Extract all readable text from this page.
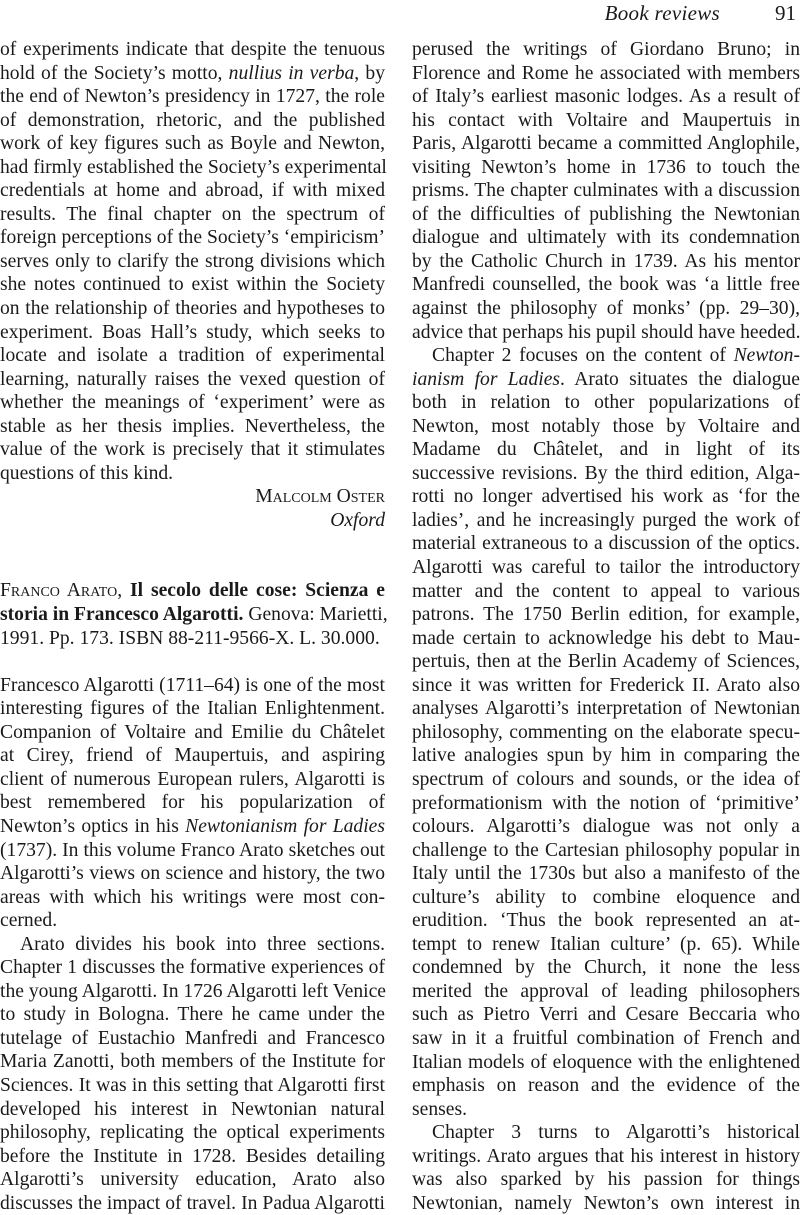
Book reviews	91
of experiments indicate that despite the tenuous
hold of the Society’s motto, nullius in verba, by
the end of Newton’s presidency in 1727, the role
of demonstration, rhetoric, and the published
work of key figures such as Boyle and Newton,
had firmly established the Society’s experimental
credentials at home and abroad, if with mixed
results. The final chapter on the spectrum of
foreign perceptions of the Society’s ‘empiricism’
serves only to clarify the strong divisions which
she notes continued to exist within the Society
on the relationship of theories and hypotheses to
experiment. Boas Hall’s study, which seeks to
locate and isolate a tradition of experimental
learning, naturally raises the vexed question of
whether the meanings of ‘experiment’ were as
stable as her thesis implies. Nevertheless, the
value of the work is precisely that it stimulates
questions of this kind.
Malcolm Oster
Oxford
Franco Arato, Il secolo delle cose: Scienza e
storia in Francesco Algarotti. Genova: Marietti,
1991. Pp. 173. ISBN 88-211-9566-X. L. 30.000.
Francesco Algarotti (1711–64) is one of the most
interesting figures of the Italian Enlightenment.
Companion of Voltaire and Emilie du Châtelet
at Cirey, friend of Maupertuis, and aspiring
client of numerous European rulers, Algarotti is
best remembered for his popularization of
Newton’s optics in his Newtonianism for Ladies
(1737). In this volume Franco Arato sketches out
Algarotti’s views on science and history, the two
areas with which his writings were most con-
cerned.
Arato divides his book into three sections.
Chapter 1 discusses the formative experiences of
the young Algarotti. In 1726 Algarotti left Venice
to study in Bologna. There he came under the
tutelage of Eustachio Manfredi and Francesco
Maria Zanotti, both members of the Institute for
Sciences. It was in this setting that Algarotti first
developed his interest in Newtonian natural
philosophy, replicating the optical experiments
before the Institute in 1728. Besides detailing
Algarotti’s university education, Arato also
discusses the impact of travel. In Padua Algarotti
perused the writings of Giordano Bruno; in
Florence and Rome he associated with members
of Italy’s earliest masonic lodges. As a result of
his contact with Voltaire and Maupertuis in
Paris, Algarotti became a committed Anglophile,
visiting Newton’s home in 1736 to touch the
prisms. The chapter culminates with a discussion
of the difficulties of publishing the Newtonian
dialogue and ultimately with its condemnation
by the Catholic Church in 1739. As his mentor
Manfredi counselled, the book was ‘a little free
against the philosophy of monks’ (pp. 29–30),
advice that perhaps his pupil should have heeded.
Chapter 2 focuses on the content of Newton-
ianism for Ladies. Arato situates the dialogue
both in relation to other popularizations of
Newton, most notably those by Voltaire and
Madame du Châtelet, and in light of its
successive revisions. By the third edition, Alga-
rotti no longer advertised his work as ‘for the
ladies’, and he increasingly purged the work of
material extraneous to a discussion of the optics.
Algarotti was careful to tailor the introductory
matter and the content to appeal to various
patrons. The 1750 Berlin edition, for example,
made certain to acknowledge his debt to Mau-
pertuis, then at the Berlin Academy of Sciences,
since it was written for Frederick II. Arato also
analyses Algarotti’s interpretation of Newtonian
philosophy, commenting on the elaborate specu-
lative analogies spun by him in comparing the
spectrum of colours and sounds, or the idea of
preformationism with the notion of ‘primitive’
colours. Algarotti’s dialogue was not only a
challenge to the Cartesian philosophy popular in
Italy until the 1730s but also a manifesto of the
culture’s ability to combine eloquence and
erudition. ‘Thus the book represented an at-
tempt to renew Italian culture’ (p. 65). While
condemned by the Church, it none the less
merited the approval of leading philosophers
such as Pietro Verri and Cesare Beccaria who
saw in it a fruitful combination of French and
Italian models of eloquence with the enlightened
emphasis on reason and the evidence of the
senses.
Chapter 3 turns to Algarotti’s historical
writings. Arato argues that his interest in history
was also sparked by his passion for things
Newtonian, namely Newton’s own interest in
